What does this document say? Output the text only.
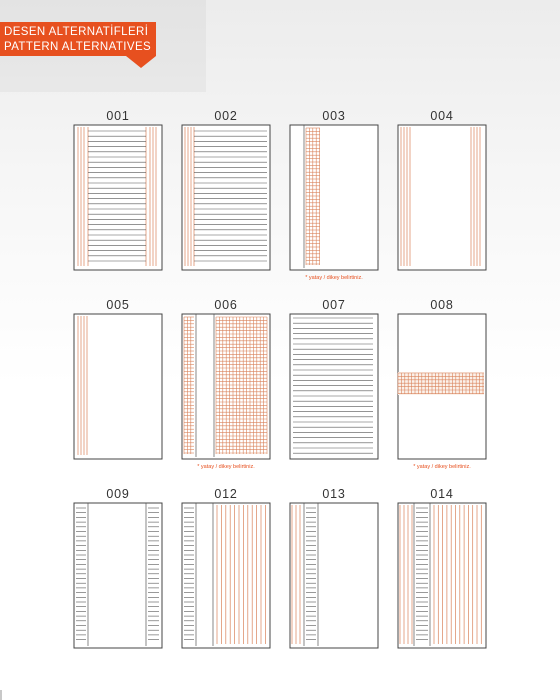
DESEN ALTERNATİFLERİ
PATTERN ALTERNATIVES
001	002	003
* yatay / dikey belirtiniz.
004
005	006
* yatay / dikey belirtiniz.
007	008
* yatay / dikey belirtiniz.
009	012	013	014
